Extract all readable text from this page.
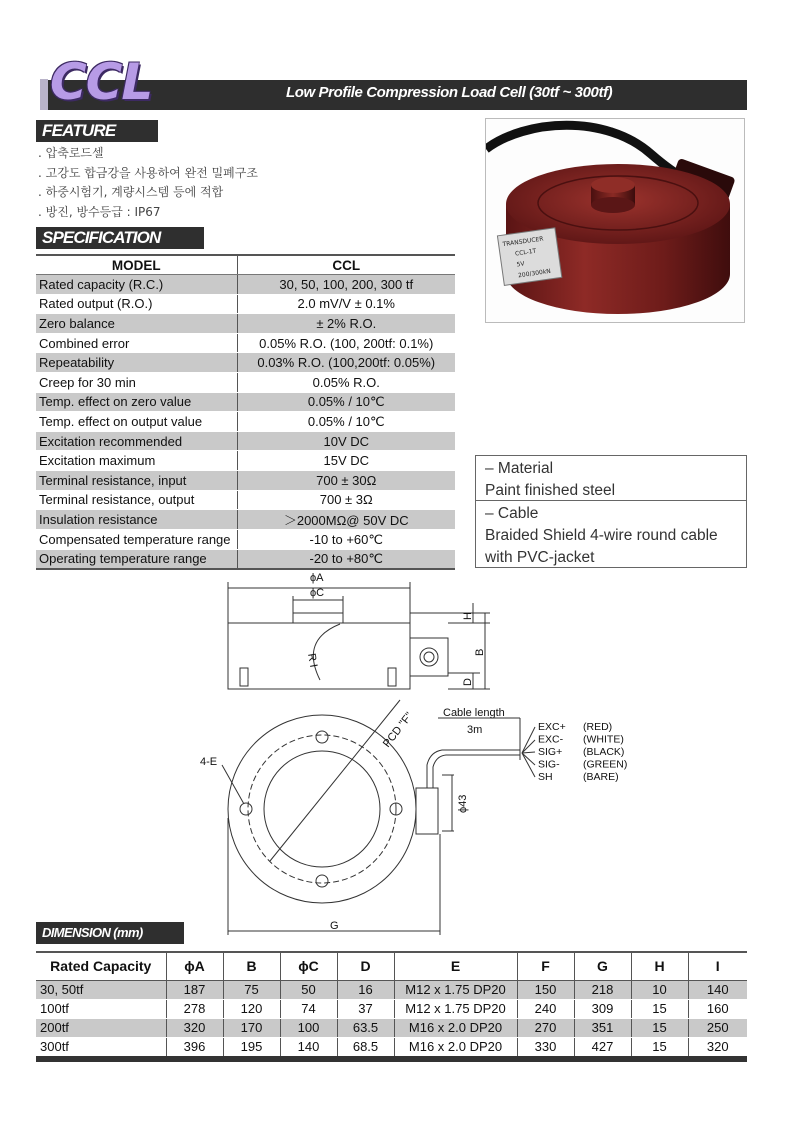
CCL	Low Profile Compression Load Cell (30tf ~ 300tf)
FEATURE
. 압축로드셀
. 고강도 합금강을 사용하여 완전 밀폐구조
. 하중시험기, 계량시스템 등에 적합
. 방진, 방수등급 : IP67
SPECIFICATION
MODEL	CCL
Rated capacity (R.C.)	30, 50, 100, 200, 300 tf
Rated output (R.O.)	2.0 mV/V ± 0.1%
Zero balance	± 2% R.O.
Combined error	0.05% R.O. (100, 200tf: 0.1%)
Repeatability	0.03% R.O. (100,200tf: 0.05%)
Creep for 30 min	0.05% R.O.
Temp. effect on zero value	0.05% / 10℃
Temp. effect on output value	0.05% / 10℃
Excitation recommended	10V DC
Excitation maximum	15V DC
Terminal resistance, input	700 ± 30Ω
Terminal resistance, output	700 ± 3Ω
Insulation resistance	＞2000MΩ@ 50V DC
Compensated temperature range	-10 to +60℃
Operating temperature range	-20 to +80℃
TRANSDUCER
CCL-1T
5V
200/300kN
– Material
Paint finished steel
– Cable
Braided Shield 4-wire round cable
with PVC-jacket
ϕA
ϕC
R I
H
B
D
PCD "F"	Cable length
3m
4-E
ϕ43
G
EXC+ (RED)
EXC- (WHITE)
SIG+ (BLACK)
SIG- (GREEN)
SH	(BARE)
DIMENSION (mm)
Rated Capacity	ϕA	B	ϕC	D	E	F	G	H	I
30, 50tf	187	75	50	16	M12 x 1.75 DP20	150	218	10	140
100tf	278	120	74	37	M12 x 1.75 DP20	240	309	15	160
200tf	320	170	100	63.5	M16 x 2.0 DP20	270	351	15	250
300tf	396	195	140	68.5	M16 x 2.0 DP20	330	427	15	320
